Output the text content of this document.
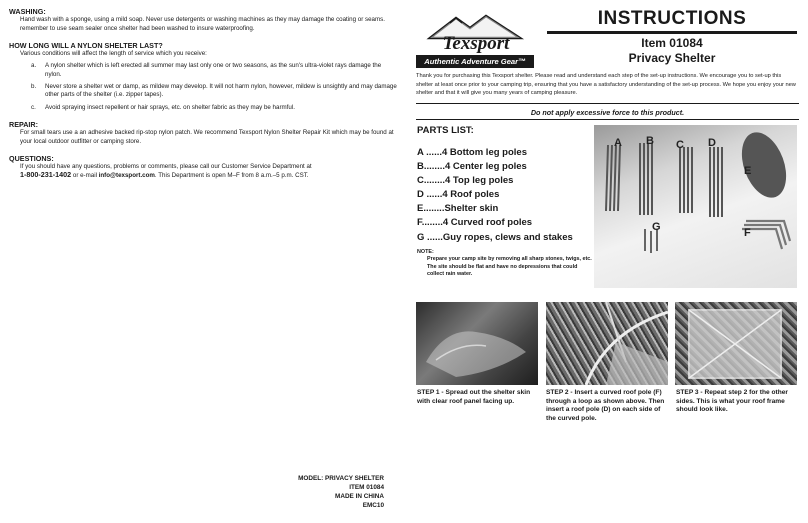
WASHING:
Hand wash with a sponge, using a mild soap. Never use detergents or washing machines as they may damage the coating or seams. remember to use seam sealer once shelter had been washed to insure waterproofing.
HOW LONG WILL A NYLON SHELTER LAST?
Various conditions will affect the length of service which you receive:
a.	A nylon shelter which is left erected all summer may last only one or two seasons, as the sun's ultra-violet rays damage the nylon.
b.	Never store a shelter wet or damp, as mildew may develop. It will not harm nylon, however, mildew is unsightly and may damage other parts of the shelter (i.e. zipper tapes).
c.	Avoid spraying insect repellent or hair sprays, etc. on shelter fabric as they may be harmful.
REPAIR:
For small tears use a an adhesive backed rip-stop nylon patch. We recommend Texsport Nylon Shelter Repair Kit which may be found at your local outdoor outfitter or camping store.
QUESTIONS:
If you should have any questions, problems or comments, please call our Customer Service Department at
1-800-231-1402 or e-mail info@texsport.com. This Department is open M–F from 8 a.m.–5 p.m. CST.
MODEL: PRIVACY SHELTER
ITEM 01084
MADE IN CHINA
EMC10
Texsport
Authentic Adventure Gear™
INSTRUCTIONS
Item 01084
Privacy Shelter
Thank you for purchasing this Texsport shelter. Please read and understand each step of the set-up instructions. We encourage you to set-up this shelter at least once prior to your camping trip, ensuring that you have a satisfactory understanding of the set-up process. We hope you enjoy your new shelter and that it will give you many years of camping pleasure.
Do not apply excessive force to this product.
PARTS LIST:
A ......4 Bottom leg poles
B........4 Center leg poles
C........4 Top leg poles
D ......4 Roof poles
E........Shelter skin
F........4 Curved roof poles
G ......Guy ropes, clews and stakes
NOTE:
Prepare your camp site by removing all sharp stones, twigs, etc. The site should be flat and have no depressions that could collect rain water.
A B C D
E
G	F
STEP 1 - Spread out the shelter skin with clear roof panel facing up.
STEP 2 - Insert a curved roof pole (F) through a loop as shown above. Then insert a roof pole (D) on each side of the curved pole.
STEP 3 - Repeat step 2 for the other sides. This is what your roof frame should look like.
